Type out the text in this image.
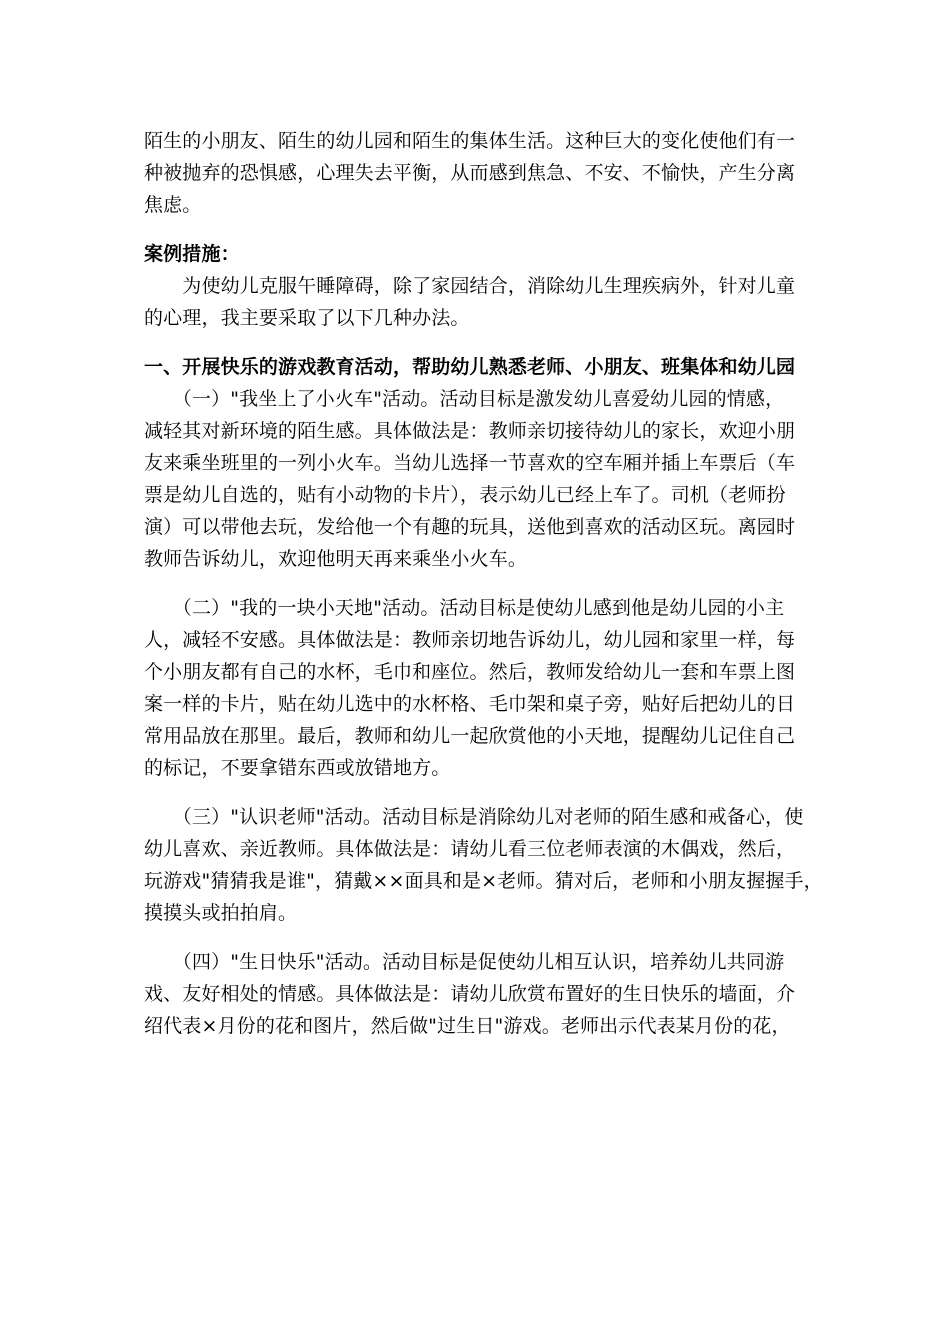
陌生的小朋友、陌生的幼儿园和陌生的集体生活。这种巨大的变化使他们有一
种被抛弃的恐惧感，心理失去平衡，从而感到焦急、不安、不愉快，产生分离
焦虑。
案例措施：
　　为使幼儿克服午睡障碍，除了家园结合，消除幼儿生理疾病外，针对儿童
的心理，我主要采取了以下几种办法。
一、开展快乐的游戏教育活动，帮助幼儿熟悉老师、小朋友、班集体和幼儿园
　　（一）"我坐上了小火车"活动。活动目标是激发幼儿喜爱幼儿园的情感，
减轻其对新环境的陌生感。具体做法是：教师亲切接待幼儿的家长，欢迎小朋
友来乘坐班里的一列小火车。当幼儿选择一节喜欢的空车厢并插上车票后（车
票是幼儿自选的，贴有小动物的卡片），表示幼儿已经上车了。司机（老师扮
演）可以带他去玩，发给他一个有趣的玩具，送他到喜欢的活动区玩。离园时
教师告诉幼儿，欢迎他明天再来乘坐小火车。
　　（二）"我的一块小天地"活动。活动目标是使幼儿感到他是幼儿园的小主
人，减轻不安感。具体做法是：教师亲切地告诉幼儿，幼儿园和家里一样，每
个小朋友都有自己的水杯，毛巾和座位。然后，教师发给幼儿一套和车票上图
案一样的卡片，贴在幼儿选中的水杯格、毛巾架和桌子旁，贴好后把幼儿的日
常用品放在那里。最后，教师和幼儿一起欣赏他的小天地，提醒幼儿记住自己
的标记，不要拿错东西或放错地方。
　　（三）"认识老师"活动。活动目标是消除幼儿对老师的陌生感和戒备心，使
幼儿喜欢、亲近教师。具体做法是：请幼儿看三位老师表演的木偶戏，然后，
玩游戏"猜猜我是谁"，猜戴××面具和是×老师。猜对后，老师和小朋友握握手，
摸摸头或拍拍肩。
　　（四）"生日快乐"活动。活动目标是促使幼儿相互认识，培养幼儿共同游
戏、友好相处的情感。具体做法是：请幼儿欣赏布置好的生日快乐的墙面，介
绍代表×月份的花和图片，然后做"过生日"游戏。老师出示代表某月份的花，
